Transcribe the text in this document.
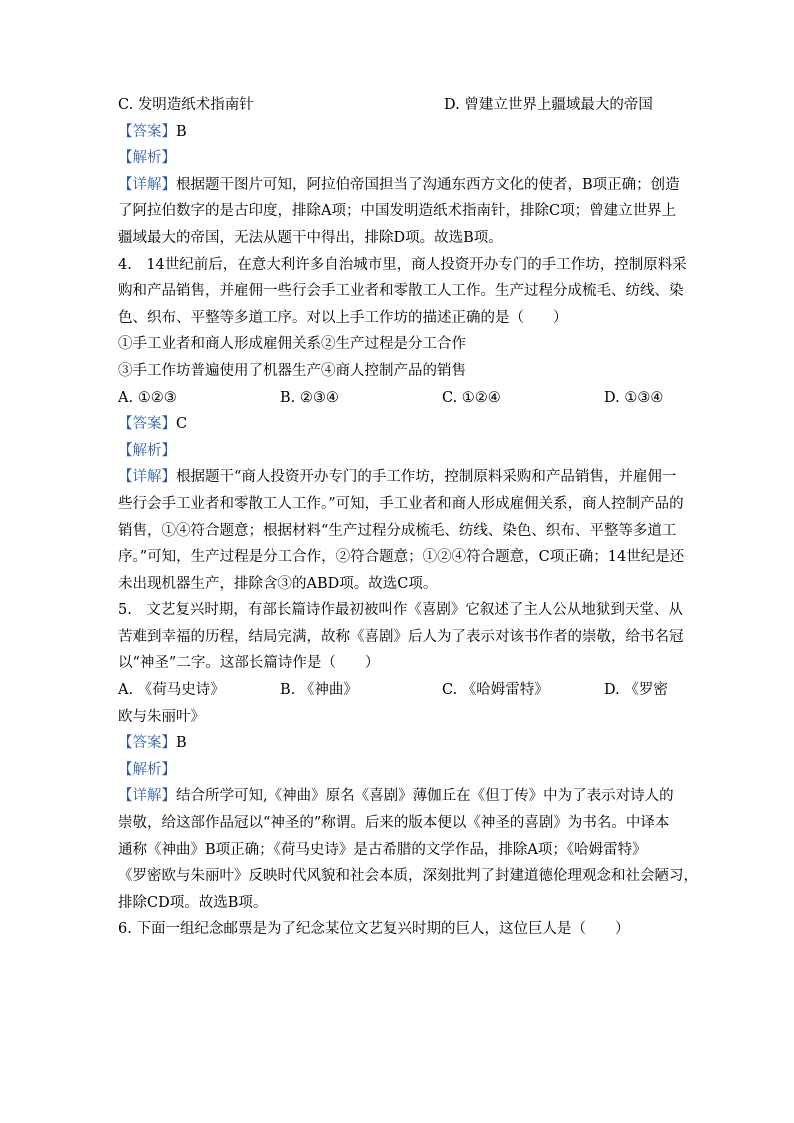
C. 发明造纸术指南针	D. 曾建立世界上疆域最大的帝国
【答案】B
【解析】
【详解】根据题干图片可知，阿拉伯帝国担当了沟通东西方文化的使者，B项正确；创造
了阿拉伯数字的是古印度，排除A项；中国发明造纸术指南针，排除C项；曾建立世界上
疆域最大的帝国，无法从题干中得出，排除D项。故选B项。
4.　14世纪前后，在意大利许多自治城市里，商人投资开办专门的手工作坊，控制原料采
购和产品销售，并雇佣一些行会手工业者和零散工人工作。生产过程分成梳毛、纺线、染
色、织布、平整等多道工序。对以上手工作坊的描述正确的是（　　）
①手工业者和商人形成雇佣关系②生产过程是分工合作
③手工作坊普遍使用了机器生产④商人控制产品的销售
A. ①②③	B. ②③④	C. ①②④	D. ①③④
【答案】C
【解析】
【详解】根据题干“商人投资开办专门的手工作坊，控制原料采购和产品销售，并雇佣一
些行会手工业者和零散工人工作。”可知，手工业者和商人形成雇佣关系，商人控制产品的
销售，①④符合题意；根据材料“生产过程分成梳毛、纺线、染色、织布、平整等多道工
序。”可知，生产过程是分工合作，②符合题意；①②④符合题意，C项正确；14世纪是还
未出现机器生产，排除含③的ABD项。故选C项。
5.　文艺复兴时期，有部长篇诗作最初被叫作《喜剧》它叙述了主人公从地狱到天堂、从
苦难到幸福的历程，结局完满，故称《喜剧》后人为了表示对该书作者的崇敬，给书名冠
以“神圣”二字。这部长篇诗作是（　　）
A. 《荷马史诗》	B. 《神曲》	C. 《哈姆雷特》	D. 《罗密
欧与朱丽叶》
【答案】B
【解析】
【详解】结合所学可知,《神曲》原名《喜剧》薄伽丘在《但丁传》中为了表示对诗人的
崇敬，给这部作品冠以“神圣的”称谓。后来的版本便以《神圣的喜剧》为书名。中译本
通称《神曲》B项正确；《荷马史诗》是古希腊的文学作品，排除A项；《哈姆雷特》
《罗密欧与朱丽叶》反映时代风貌和社会本质，深刻批判了封建道德伦理观念和社会陋习，
排除CD项。故选B项。
6. 下面一组纪念邮票是为了纪念某位文艺复兴时期的巨人，这位巨人是（　　）
